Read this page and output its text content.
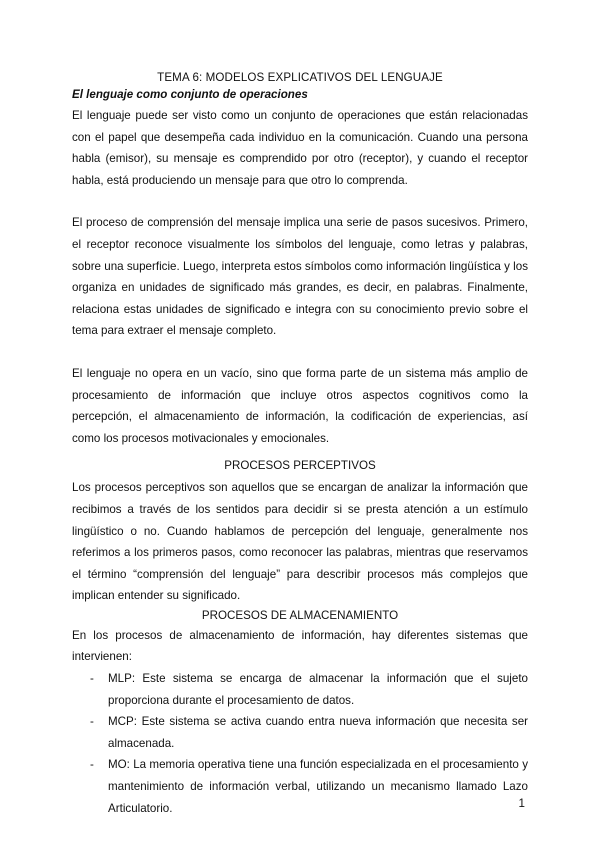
TEMA 6: MODELOS EXPLICATIVOS DEL LENGUAJE
El lenguaje como conjunto de operaciones

El lenguaje puede ser visto como un conjunto de operaciones que están relacionadas con el papel que desempeña cada individuo en la comunicación. Cuando una persona habla (emisor), su mensaje es comprendido por otro (receptor), y cuando el receptor habla, está produciendo un mensaje para que otro lo comprenda.

El proceso de comprensión del mensaje implica una serie de pasos sucesivos. Primero, el receptor reconoce visualmente los símbolos del lenguaje, como letras y palabras, sobre una superficie. Luego, interpreta estos símbolos como información lingüística y los organiza en unidades de significado más grandes, es decir, en palabras. Finalmente, relaciona estas unidades de significado e integra con su conocimiento previo sobre el tema para extraer el mensaje completo.

El lenguaje no opera en un vacío, sino que forma parte de un sistema más amplio de procesamiento de información que incluye otros aspectos cognitivos como la percepción, el almacenamiento de información, la codificación de experiencias, así como los procesos motivacionales y emocionales.

PROCESOS PERCEPTIVOS

Los procesos perceptivos son aquellos que se encargan de analizar la información que recibimos a través de los sentidos para decidir si se presta atención a un estímulo lingüístico o no. Cuando hablamos de percepción del lenguaje, generalmente nos referimos a los primeros pasos, como reconocer las palabras, mientras que reservamos el término “comprensión del lenguaje” para describir procesos más complejos que implican entender su significado.

PROCESOS DE ALMACENAMIENTO

En los procesos de almacenamiento de información, hay diferentes sistemas que intervienen:

- MLP: Este sistema se encarga de almacenar la información que el sujeto proporciona durante el procesamiento de datos.
- MCP: Este sistema se activa cuando entra nueva información que necesita ser almacenada.
- MO: La memoria operativa tiene una función especializada en el procesamiento y mantenimiento de información verbal, utilizando un mecanismo llamado Lazo Articulatorio.	1
